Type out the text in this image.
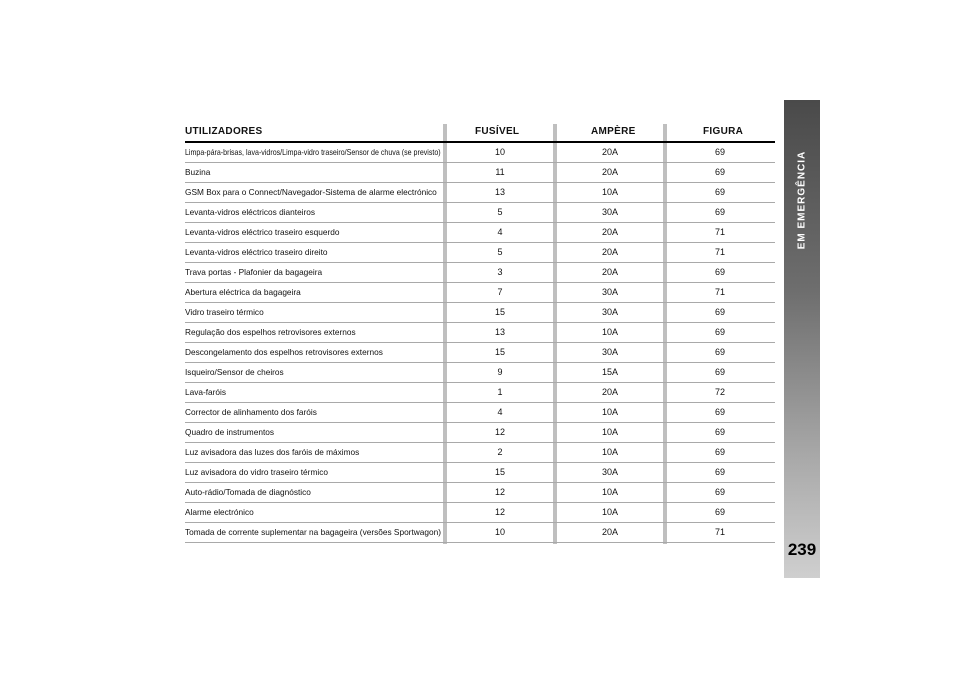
EM EMERGÊNCIA
239
UTILIZADORES	FUSÍVEL	AMPÈRE	FIGURA
Limpa-pára-brisas, lava-vidros/Limpa-vidro traseiro/Sensor de chuva (se previsto)	10	20A	69
Buzina	11	20A	69
GSM Box para o Connect/Navegador-Sistema de alarme electrónico	13	10A	69
Levanta-vidros eléctricos dianteiros	5	30A	69
Levanta-vidros eléctrico traseiro esquerdo	4	20A	71
Levanta-vidros eléctrico traseiro direito	5	20A	71
Trava portas - Plafonier da bagageira	3	20A	69
Abertura eléctrica da bagageira	7	30A	71
Vidro traseiro térmico	15	30A	69
Regulação dos espelhos retrovisores externos	13	10A	69
Descongelamento dos espelhos retrovisores externos	15	30A	69
Isqueiro/Sensor de cheiros	9	15A	69
Lava-faróis	1	20A	72
Corrector de alinhamento dos faróis	4	10A	69
Quadro de instrumentos	12	10A	69
Luz avisadora das luzes dos faróis de máximos	2	10A	69
Luz avisadora do vidro traseiro térmico	15	30A	69
Auto-rádio/Tomada de diagnóstico	12	10A	69
Alarme electrónico	12	10A	69
Tomada de corrente suplementar na bagageira (versões Sportwagon)	10	20A	71
